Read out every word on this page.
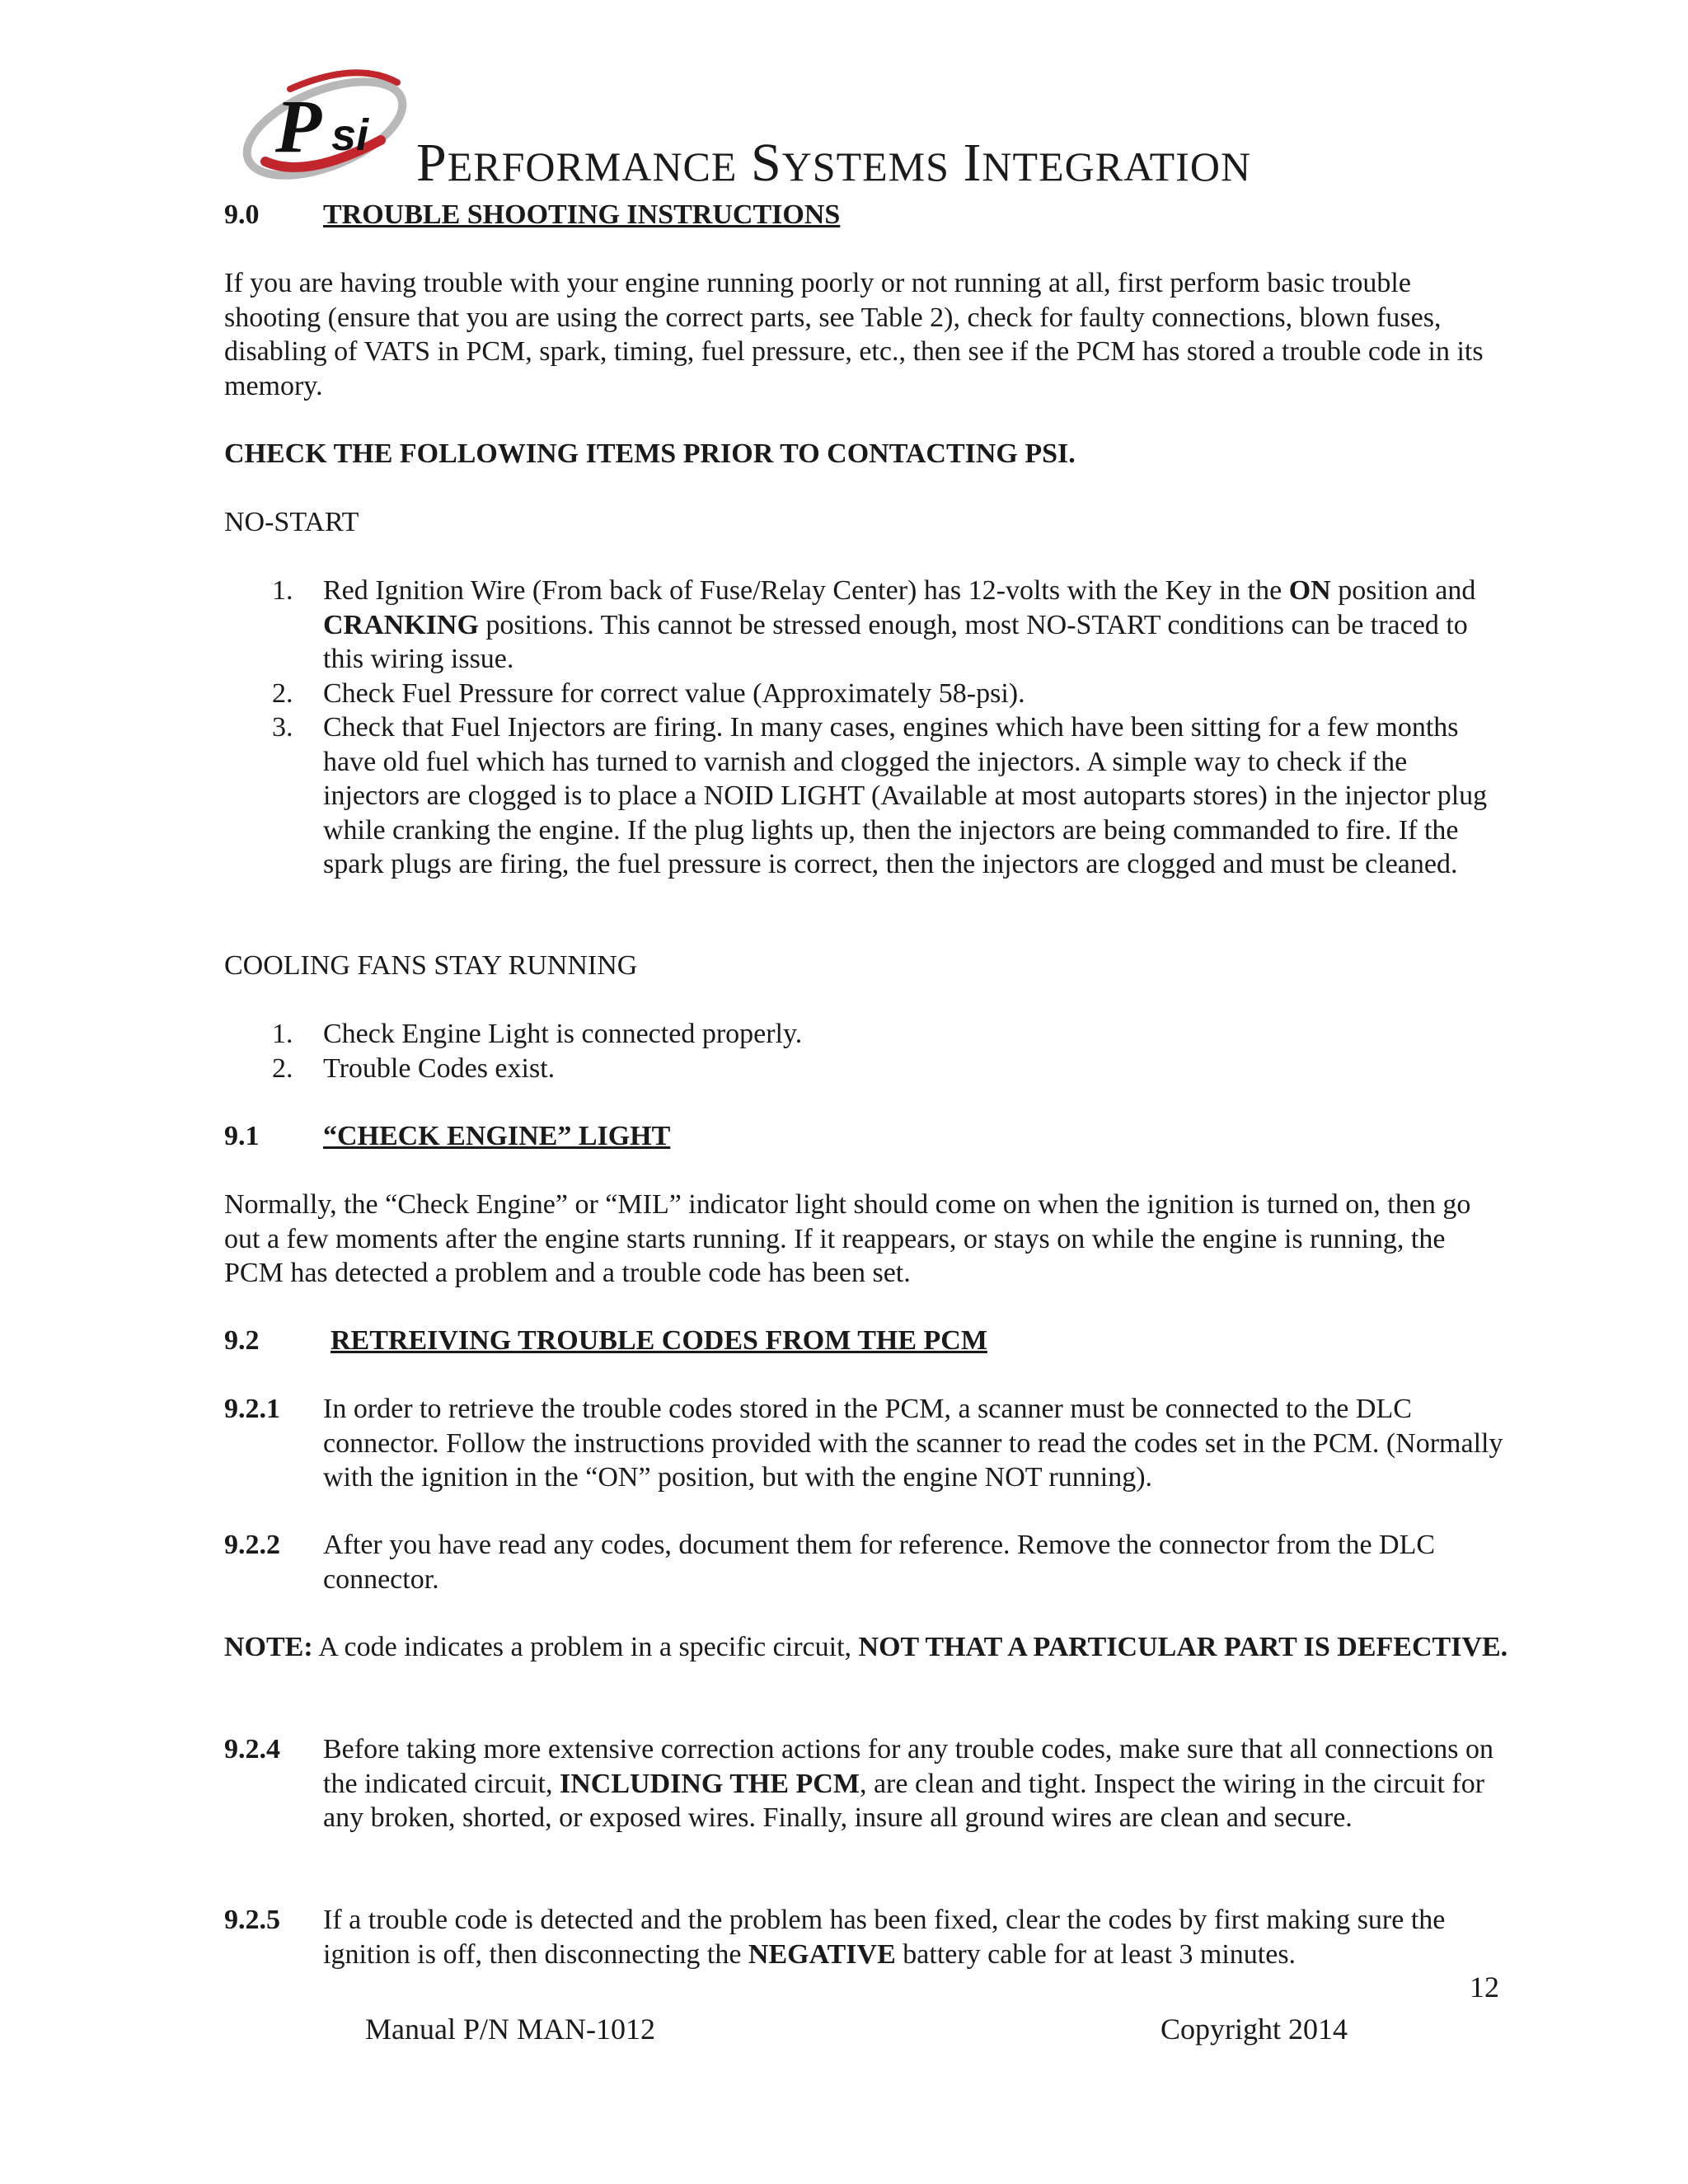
P si PERFORMANCE SYSTEMS INTEGRATION
9.0 TROUBLE SHOOTING INSTRUCTIONS
If you are having trouble with your engine running poorly or not running at all, first perform basic trouble shooting (ensure that you are using the correct parts, see Table 2), check for faulty connections, blown fuses, disabling of VATS in PCM, spark, timing, fuel pressure, etc., then see if the PCM has stored a trouble code in its memory.
CHECK THE FOLLOWING ITEMS PRIOR TO CONTACTING PSI.
NO-START
1.	Red Ignition Wire (From back of Fuse/Relay Center) has 12-volts with the Key in the ON position and CRANKING positions. This cannot be stressed enough, most NO-START conditions can be traced to this wiring issue.
2.	Check Fuel Pressure for correct value (Approximately 58-psi).
3.	Check that Fuel Injectors are firing. In many cases, engines which have been sitting for a few months have old fuel which has turned to varnish and clogged the injectors. A simple way to check if the injectors are clogged is to place a NOID LIGHT (Available at most autoparts stores) in the injector plug while cranking the engine. If the plug lights up, then the injectors are being commanded to fire. If the spark plugs are firing, the fuel pressure is correct, then the injectors are clogged and must be cleaned.
COOLING FANS STAY RUNNING
1.	Check Engine Light is connected properly.
2.	Trouble Codes exist.
9.1 “CHECK ENGINE” LIGHT
Normally, the “Check Engine” or “MIL” indicator light should come on when the ignition is turned on, then go out a few moments after the engine starts running. If it reappears, or stays on while the engine is running, the PCM has detected a problem and a trouble code has been set.
9.2	RETREIVING TROUBLE CODES FROM THE PCM
9.2.1 In order to retrieve the trouble codes stored in the PCM, a scanner must be connected to the DLC connector. Follow the instructions provided with the scanner to read the codes set in the PCM. (Normally with the ignition in the “ON” position, but with the engine NOT running).
9.2.2 After you have read any codes, document them for reference. Remove the connector from the DLC connector.
NOTE: A code indicates a problem in a specific circuit, NOT THAT A PARTICULAR PART IS DEFECTIVE.
9.2.4 Before taking more extensive correction actions for any trouble codes, make sure that all connections on the indicated circuit, INCLUDING THE PCM, are clean and tight. Inspect the wiring in the circuit for any broken, shorted, or exposed wires. Finally, insure all ground wires are clean and secure.
9.2.5 If a trouble code is detected and the problem has been fixed, clear the codes by first making sure the ignition is off, then disconnecting the NEGATIVE battery cable for at least 3 minutes.
12
Manual P/N MAN-1012	Copyright 2014
